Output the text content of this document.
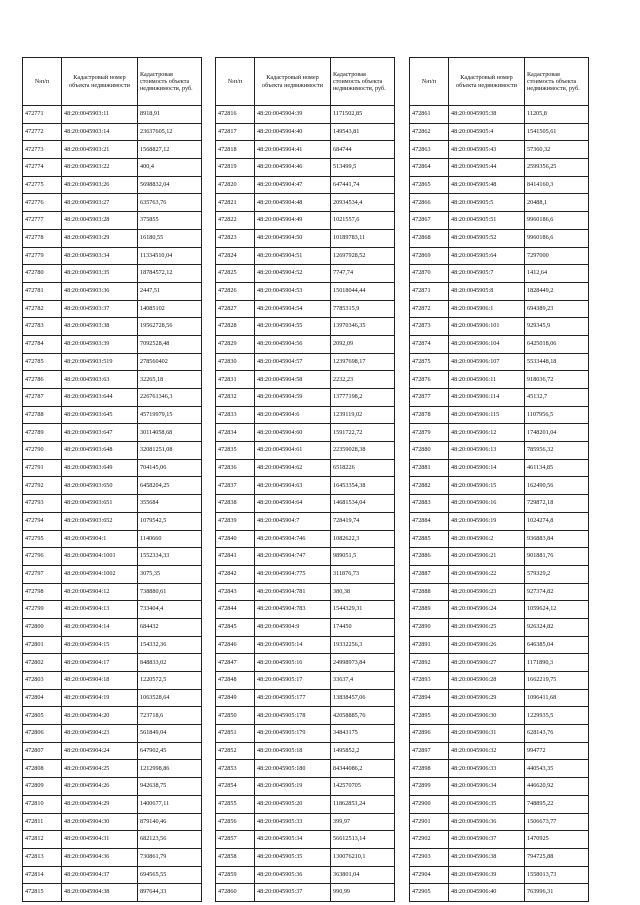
№п/п	Кадастровый номер объекта недвижимости	Кадастровая стоимость объекта недвижимости, руб.
472771	48:20:0045903:11	8918,91
472772	48:20:0045903:14	23637605,12
472773	48:20:0045903:21	1568827,12
472774	48:20:0045903:22	400,4
472775	48:20:0045903:26	5698832,04
472776	48:20:0045903:27	635763,76
472777	48:20:0045903:28	375855
472778	48:20:0045903:29	16180,55
472779	48:20:0045903:34	11334510,04
472780	48:20:0045903:35	18784572,12
472781	48:20:0045903:36	2447,51
472782	48:20:0045903:37	14085102
472783	48:20:0045903:38	19562728,56
472784	48:20:0045903:39	7092528,48
472785	48:20:0045903:519	278560402
472786	48:20:0045903:63	32265,18
472787	48:20:0045903:644	226761346,3
472788	48:20:0045903:645	45719979,15
472789	48:20:0045903:647	30114058,68
472790	48:20:0045903:648	32081251,08
472791	48:20:0045903:649	704145,06
472792	48:20:0045903:650	6458204,25
472793	48:20:0045903:651	355684
472794	48:20:0045903:652	1079542,5
472795	48:20:0045904:1	1140660
472796	48:20:0045904:1001	1552334,33
472797	48:20:0045904:1002	3075,35
472798	48:20:0045904:12	738880,61
472799	48:20:0045904:13	733404,4
472800	48:20:0045904:14	684432
472801	48:20:0045904:15	154332,36
472802	48:20:0045904:17	848833,02
472803	48:20:0045904:18	1220572,5
472804	48:20:0045904:19	1063528,64
472805	48:20:0045904:20	723718,6
472806	48:20:0045904:23	561849,04
472807	48:20:0045904:24	647902,45
472808	48:20:0045904:25	1212998,86
472809	48:20:0045904:26	942638,75
472810	48:20:0045904:29	1400677,11
472811	48:20:0045904:30	879140,46
472812	48:20:0045904:31	682123,56
472813	48:20:0045904:36	730861,79
472814	48:20:0045904:37	694565,55
472815	48:20:0045904:38	897644,33
№п/п	Кадастровый номер объекта недвижимости	Кадастровая стоимость объекта недвижимости, руб.
472816	48:20:0045904:39	1171502,85
472817	48:20:0045904:40	149543,81
472818	48:20:0045904:41	684744
472819	48:20:0045904:46	513499,5
472820	48:20:0045904:47	647441,74
472821	48:20:0045904:48	20934534,4
472822	48:20:0045904:49	1021557,6
472823	48:20:0045904:50	10189783,11
472824	48:20:0045904:51	12697928,52
472825	48:20:0045904:52	7747,74
472826	48:20:0045904:53	15018044,44
472827	48:20:0045904:54	7785315,9
472828	48:20:0045904:55	13970346,35
472829	48:20:0045904:56	2092,09
472830	48:20:0045904:57	12397698,17
472831	48:20:0045904:58	2232,23
472832	48:20:0045904:59	13777198,2
472833	48:20:0045904:6	1239119,02
472834	48:20:0045904:60	1591722,72
472835	48:20:0045904:61	22359028,38
472836	48:20:0045904:62	6518226
472837	48:20:0045904:63	16453354,38
472838	48:20:0045904:64	14681534,04
472839	48:20:0045904:7	728419,74
472840	48:20:0045904:746	1082622,3
472841	48:20:0045904:747	989051,5
472842	48:20:0045904:775	311876,73
472843	48:20:0045904:781	380,38
472844	48:20:0045904:783	1544329,31
472845	48:20:0045904:9	174450
472846	48:20:0045905:14	19332256,3
472847	48:20:0045905:16	24998973,84
472848	48:20:0045905:17	33637,4
472849	48:20:0045905:177	13838457,06
472850	48:20:0045905:178	42058885,76
472851	48:20:0045905:179	34843175
472852	48:20:0045905:18	1495852,2
472853	48:20:0045905:180	84344086,2
472854	48:20:0045905:19	142570705
472855	48:20:0045905:20	11862853,24
472856	48:20:0045905:33	399,97
472857	48:20:0045905:34	56612513,14
472858	48:20:0045905:35	130076210,1
472859	48:20:0045905:36	363801,04
472860	48:20:0045905:37	990,99
№п/п	Кадастровый номер объекта недвижимости	Кадастровая стоимость объекта недвижимости, руб.
472861	48:20:0045905:38	11205,8
472862	48:20:0045905:4	1541505,61
472863	48:20:0045905:43	57360,32
472864	48:20:0045905:44	2599356,25
472865	48:20:0045905:48	8414160,3
472866	48:20:0045905:5	20488,1
472867	48:20:0045905:51	9960186,6
472868	48:20:0045905:52	9960186,6
472869	48:20:0045905:64	7297000
472870	48:20:0045905:7	1412,64
472871	48:20:0045905:8	1828449,2
472872	48:20:0045906:1	694389,23
472873	48:20:0045906:101	929345,9
472874	48:20:0045906:104	6425018,06
472875	48:20:0045906:107	5533448,18
472876	48:20:0045906:11	918036,72
472877	48:20:0045906:114	45132,7
472878	48:20:0045906:115	1107956,5
472879	48:20:0045906:12	1748201,04
472880	48:20:0045906:13	785956,32
472881	48:20:0045906:14	461134,85
472882	48:20:0045906:15	162490,56
472883	48:20:0045906:16	729872,18
472884	48:20:0045906:19	1024274,8
472885	48:20:0045906:2	936883,84
472886	48:20:0045906:21	901881,76
472887	48:20:0045906:22	579329,2
472888	48:20:0045906:23	927374,82
472889	48:20:0045906:24	1059624,12
472890	48:20:0045906:25	926324,82
472891	48:20:0045906:26	646385,04
472892	48:20:0045906:27	1171890,3
472893	48:20:0045906:28	1662219,75
472894	48:20:0045906:29	1096411,68
472895	48:20:0045906:30	1229935,5
472896	48:20:0045906:31	628143,76
472897	48:20:0045906:32	994772
472898	48:20:0045906:33	440543,35
472899	48:20:0045906:34	446620,92
472900	48:20:0045906:35	748895,22
472901	48:20:0045906:36	1506673,77
472902	48:20:0045906:37	1470925
472903	48:20:0045906:38	794725,88
472904	48:20:0045906:39	1558013,73
472905	48:20:0045906:40	763996,31
